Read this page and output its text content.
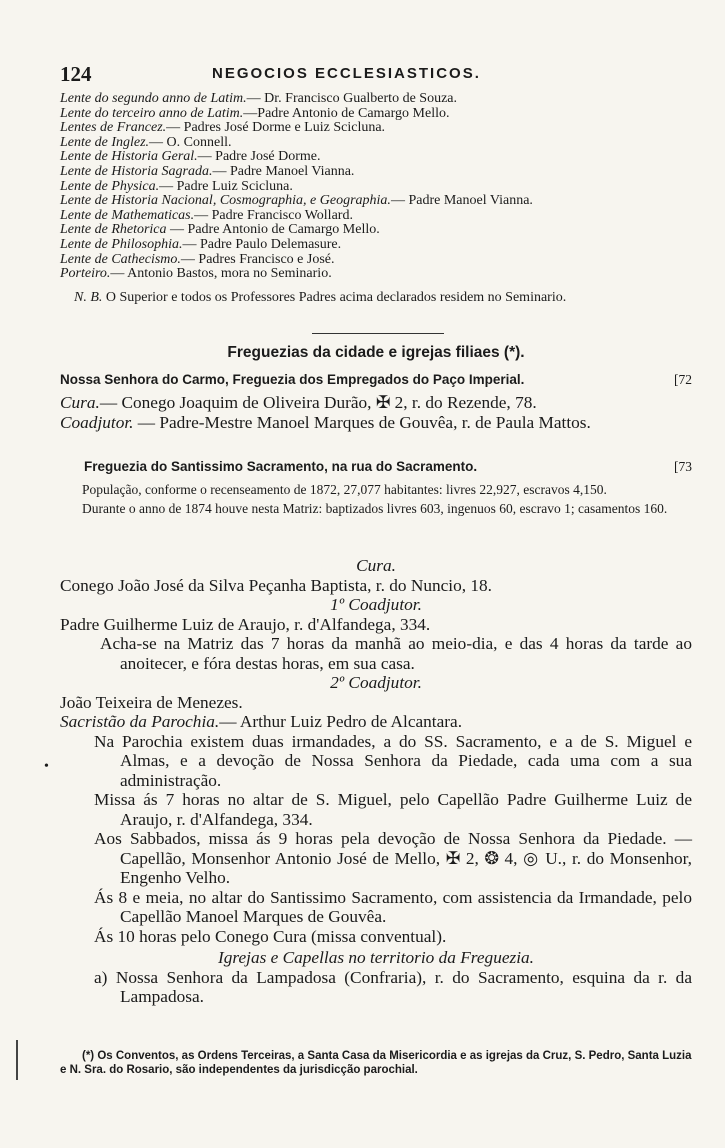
124	NEGOCIOS ECCLESIASTICOS.
Lente do segundo anno de Latim.— Dr. Francisco Gualberto de Souza.
Lente do terceiro anno de Latim.—Padre Antonio de Camargo Mello.
Lentes de Francez.— Padres José Dorme e Luiz Scicluna.
Lente de Inglez.— O. Connell.
Lente de Historia Geral.— Padre José Dorme.
Lente de Historia Sagrada.— Padre Manoel Vianna.
Lente de Physica.— Padre Luiz Scicluna.
Lente de Historia Nacional, Cosmographia, e Geographia.— Padre Manoel Vianna.
Lente de Mathematicas.— Padre Francisco Wollard.
Lente de Rhetorica — Padre Antonio de Camargo Mello.
Lente de Philosophia.— Padre Paulo Delemasure.
Lente de Cathecismo.— Padres Francisco e José.
Porteiro.— Antonio Bastos, mora no Seminario.
N. B. O Superior e todos os Professores Padres acima declarados residem no Seminario.
Freguezias da cidade e igrejas filiaes (*).
Nossa Senhora do Carmo, Freguezia dos Empregados do Paço Imperial.	[72
Cura.— Conego Joaquim de Oliveira Durão, ✠ 2, r. do Rezende, 78.
Coadjutor. — Padre-Mestre Manoel Marques de Gouvêa, r. de Paula Mattos.
Freguezia do Santissimo Sacramento, na rua do Sacramento.	[73
População, conforme o recenseamento de 1872, 27,077 habitantes: livres 22,927, escravos 4,150.
Durante o anno de 1874 houve nesta Matriz: baptizados livres 603, ingenuos 60, escravo 1; casamentos 160.
Cura.
Conego João José da Silva Peçanha Baptista, r. do Nuncio, 18.
1º Coadjutor.
Padre Guilherme Luiz de Araujo, r. d'Alfandega, 334.
Acha-se na Matriz das 7 horas da manhã ao meio-dia, e das 4 horas da tarde ao anoitecer, e fóra destas horas, em sua casa.
2º Coadjutor.
João Teixeira de Menezes.
Sacristão da Parochia.— Arthur Luiz Pedro de Alcantara.
Na Parochia existem duas irmandades, a do SS. Sacramento, e a de S. Miguel e Almas, e a devoção de Nossa Senhora da Piedade, cada uma com a sua administração.
Missa ás 7 horas no altar de S. Miguel, pelo Capellão Padre Guilherme Luiz de Araujo, r. d'Alfandega, 334.
Aos Sabbados, missa ás 9 horas pela devoção de Nossa Senhora da Piedade. — Capellão, Monsenhor Antonio José de Mello, ✠ 2, ❂ 4, ◎ U., r. do Monsenhor, Engenho Velho.
Ás 8 e meia, no altar do Santissimo Sacramento, com assistencia da Irmandade, pelo Capellão Manoel Marques de Gouvêa.
Ás 10 horas pelo Conego Cura (missa conventual).
Igrejas e Capellas no territorio da Freguezia.
a) Nossa Senhora da Lampadosa (Confraria), r. do Sacramento, esquina da r. da Lampadosa.
•
(*) Os Conventos, as Ordens Terceiras, a Santa Casa da Misericordia e as igrejas da Cruz, S. Pedro, Santa Luzia e N. Sra. do Rosario, são independentes da jurisdicção parochial.
